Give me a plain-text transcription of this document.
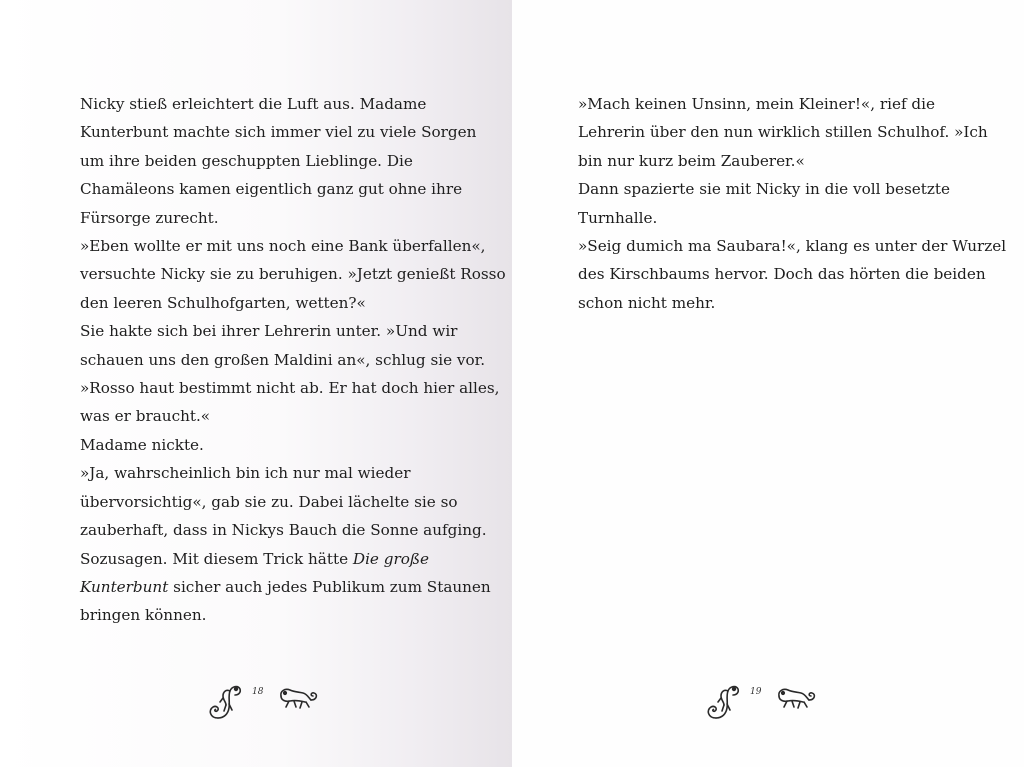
Nicky stieß erleichtert die Luft aus. Madame
Kunterbunt machte sich immer viel zu viele Sorgen
um ihre beiden geschuppten Lieblinge. Die
Chamäleons kamen eigentlich ganz gut ohne ihre
Fürsorge zurecht.
»Eben wollte er mit uns noch eine Bank überfallen«,
versuchte Nicky sie zu beruhigen. »Jetzt genießt Rosso
den leeren Schulhofgarten, wetten?«
Sie hakte sich bei ihrer Lehrerin unter. »Und wir
schauen uns den großen Maldini an«, schlug sie vor.
»Rosso haut bestimmt nicht ab. Er hat doch hier alles,
was er braucht.«
Madame nickte.
»Ja, wahrscheinlich bin ich nur mal wieder
übervorsichtig«, gab sie zu. Dabei lächelte sie so
zauberhaft, dass in Nickys Bauch die Sonne aufging.
Sozusagen. Mit diesem Trick hätte Die große
Kunterbunt sicher auch jedes Publikum zum Staunen
bringen können.
18
»Mach keinen Unsinn, mein Kleiner!«, rief die
Lehrerin über den nun wirklich stillen Schulhof. »Ich
bin nur kurz beim Zauberer.«
Dann spazierte sie mit Nicky in die voll besetzte
Turnhalle.
»Seig dumich ma Saubara!«, klang es unter der Wurzel
des Kirschbaums hervor. Doch das hörten die beiden
schon nicht mehr.
19
